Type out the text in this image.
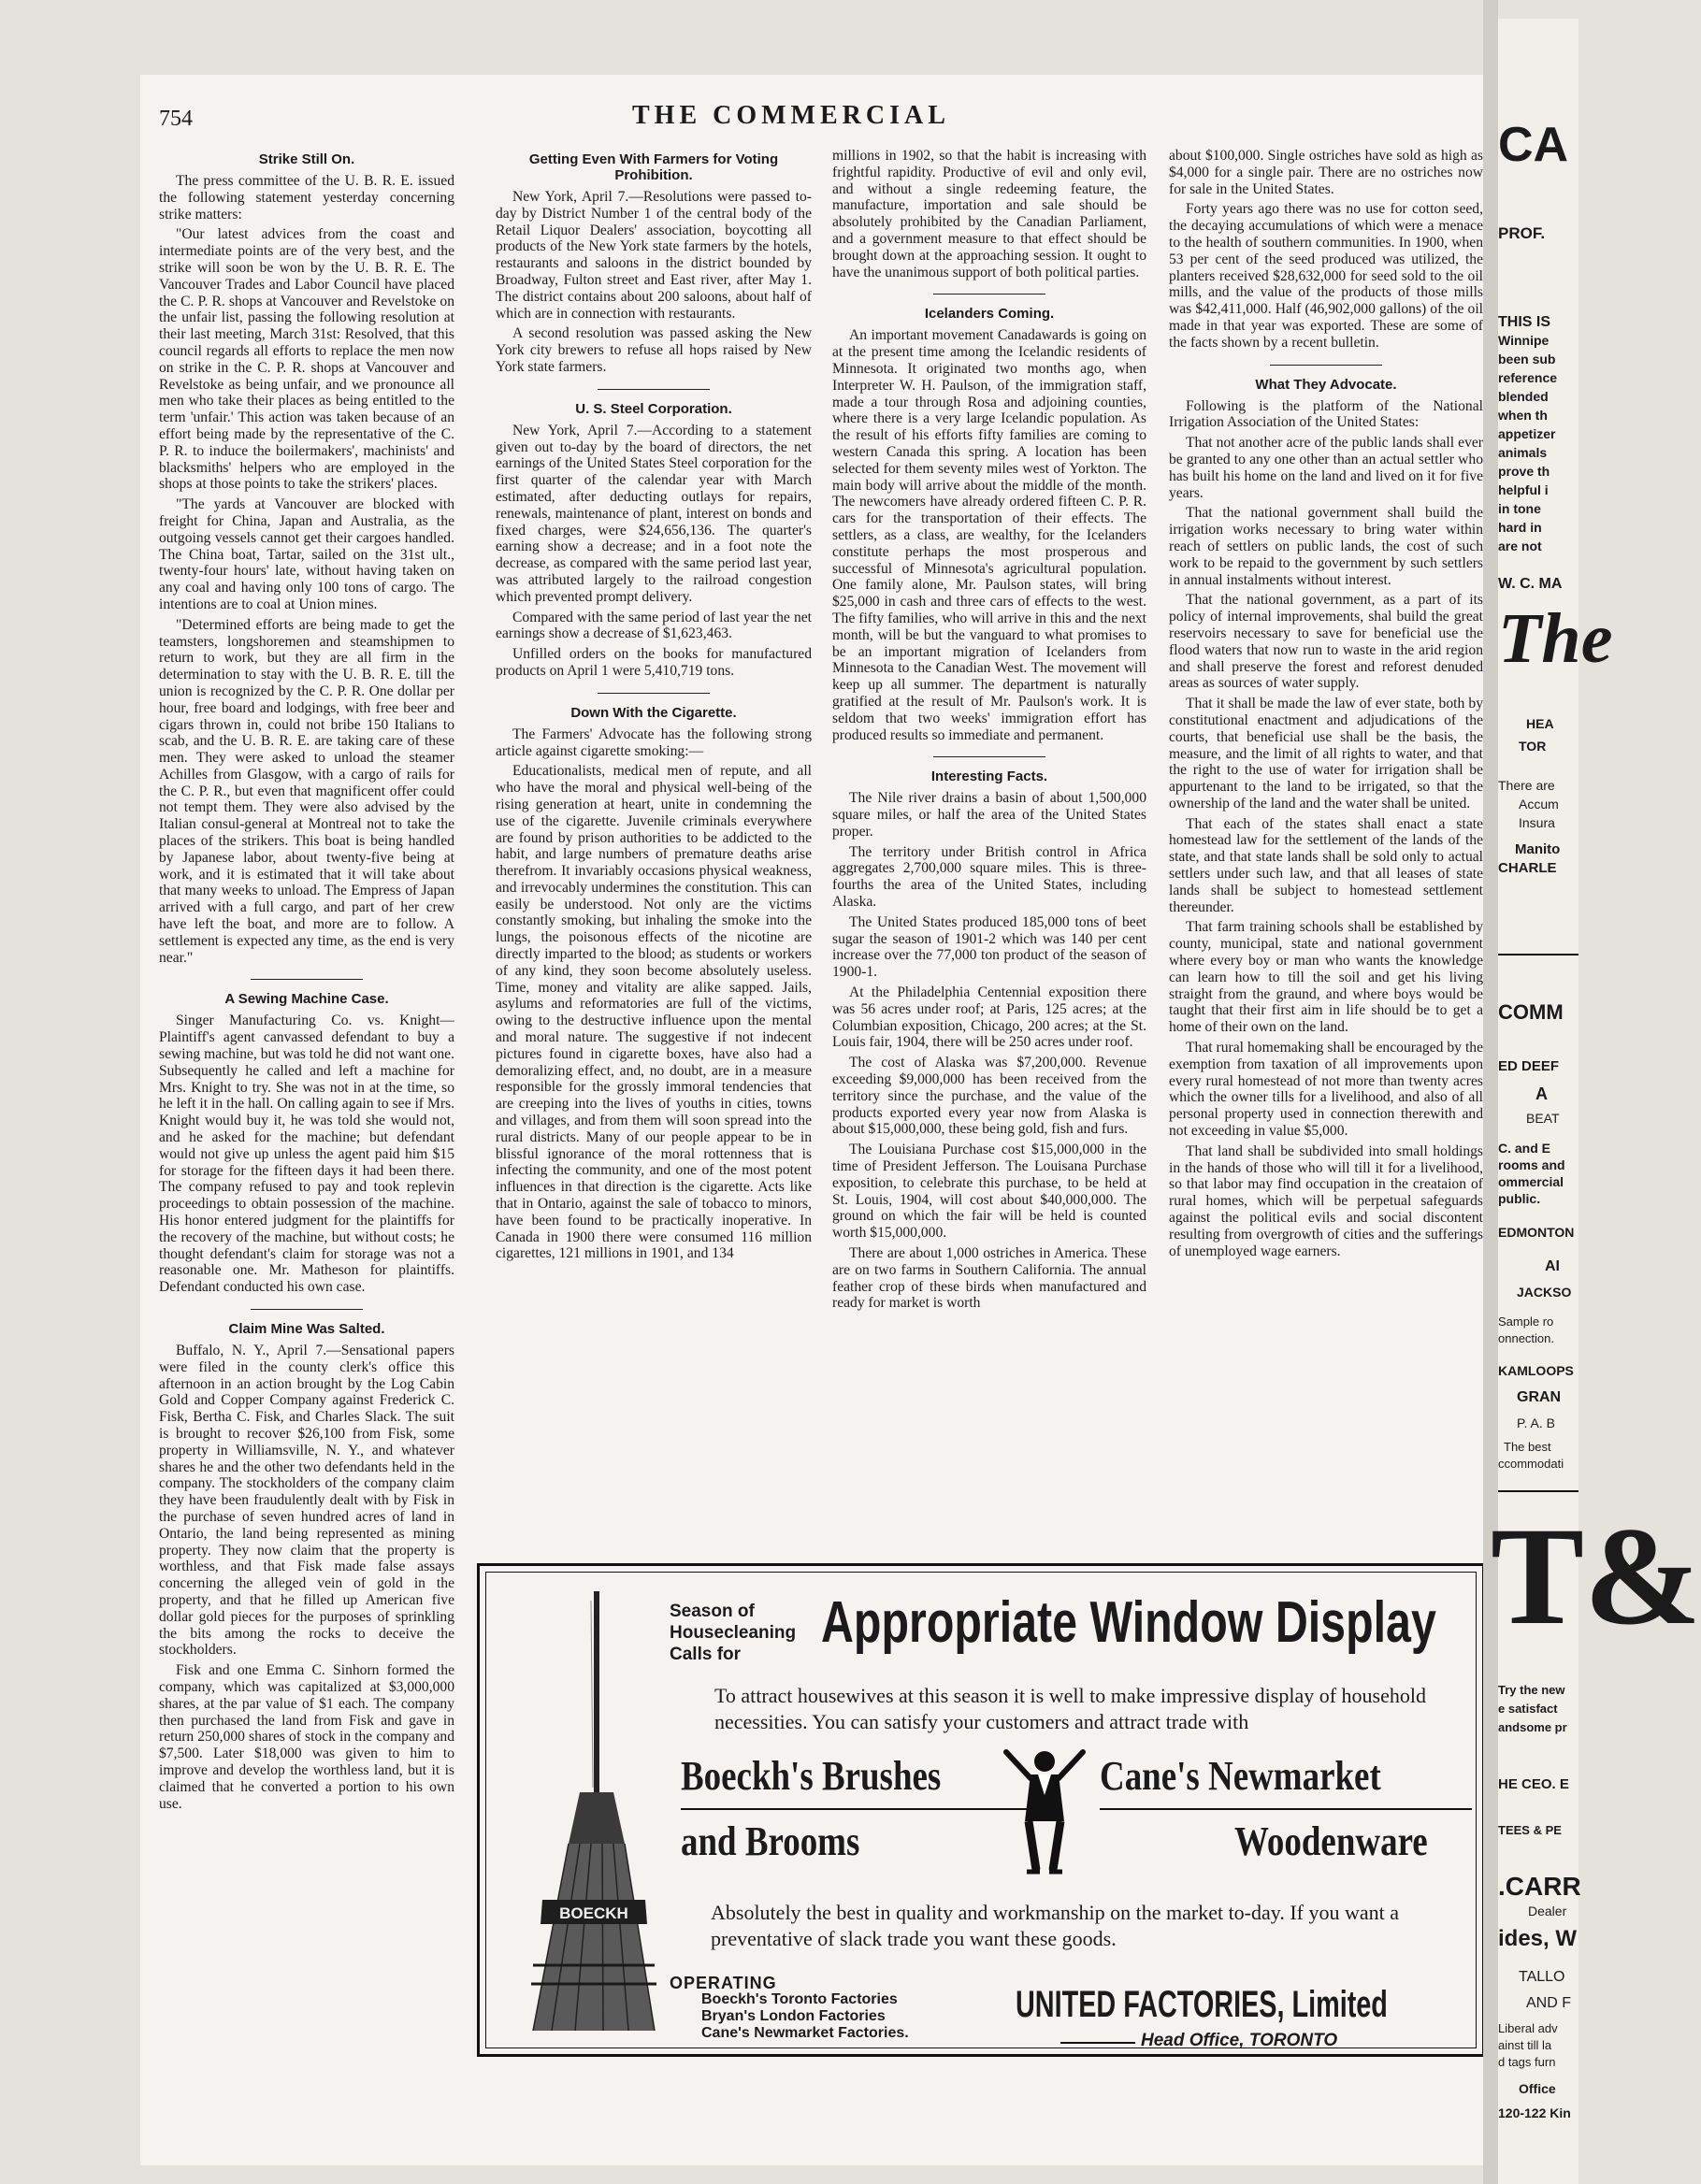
754	THE COMMERCIAL
Strike Still On.

The press committee of the U. B. R. E. issued the following statement yesterday concerning strike matters:

"Our latest advices from the coast and intermediate points are of the very best, and the strike will soon be won by the U. B. R. E. The Vancouver Trades and Labor Council have placed the C. P. R. shops at Vancouver and Revelstoke on the unfair list, passing the following resolution at their last meeting, March 31st: Resolved, that this council regards all efforts to replace the men now on strike in the C. P. R. shops at Vancouver and Revelstoke as being unfair, and we pronounce all men who take their places as being entitled to the term 'unfair.' This action was taken because of an effort being made by the representative of the C. P. R. to induce the boilermakers', machinists' and blacksmiths' helpers who are employed in the shops at those points to take the strikers' places.

"The yards at Vancouver are blocked with freight for China, Japan and Australia, as the outgoing vessels cannot get their cargoes handled. The China boat, Tartar, sailed on the 31st ult., twenty-four hours' late, without having taken on any coal and having only 100 tons of cargo. The intentions are to coal at Union mines.

"Determined efforts are being made to get the teamsters, longshoremen and steamshipmen to return to work, but they are all firm in the determination to stay with the U. B. R. E. till the union is recognized by the C. P. R. One dollar per hour, free board and lodgings, with free beer and cigars thrown in, could not bribe 150 Italians to scab, and the U. B. R. E. are taking care of these men. They were asked to unload the steamer Achilles from Glasgow, with a cargo of rails for the C. P. R., but even that magnificent offer could not tempt them. They were also advised by the Italian consul-general at Montreal not to take the places of the strikers. This boat is being handled by Japanese labor, about twenty-five being at work, and it is estimated that it will take about that many weeks to unload. The Empress of Japan arrived with a full cargo, and part of her crew have left the boat, and more are to follow. A settlement is expected any time, as the end is very near."

A Sewing Machine Case.

Singer Manufacturing Co. vs. Knight—Plaintiff's agent canvassed defendant to buy a sewing machine, but was told he did not want one. Subsequently he called and left a machine for Mrs. Knight to try. She was not in at the time, so he left it in the hall. On calling again to see if Mrs. Knight would buy it, he was told she would not, and he asked for the machine; but defendant would not give up unless the agent paid him $15 for storage for the fifteen days it had been there. The company refused to pay and took replevin proceedings to obtain possession of the machine. His honor entered judgment for the plaintiffs for the recovery of the machine, but without costs; he thought defendant's claim for storage was not a reasonable one. Mr. Matheson for plaintiffs. Defendant conducted his own case.

Claim Mine Was Salted.

Buffalo, N. Y., April 7.—Sensational papers were filed in the county clerk's office this afternoon in an action brought by the Log Cabin Gold and Copper Company against Frederick C. Fisk, Bertha C. Fisk, and Charles Slack. The suit is brought to recover $26,100 from Fisk, some property in Williamsville, N. Y., and whatever shares he and the other two defendants held in the company. The stockholders of the company claim they have been fraudulently dealt with by Fisk in the purchase of seven hundred acres of land in Ontario, the land being represented as mining property. They now claim that the property is worthless, and that Fisk made false assays concerning the alleged vein of gold in the property, and that he filled up American five dollar gold pieces for the purposes of sprinkling the bits among the rocks to deceive the stockholders.

Fisk and one Emma C. Sinhorn formed the company, which was capitalized at $3,000,000 shares, at the par value of $1 each. The company then purchased the land from Fisk and gave in return 250,000 shares of stock in the company and $7,500. Later $18,000 was given to him to improve and develop the worthless land, but it is claimed that he converted a portion to his own use.

Getting Even With Farmers for Voting Prohibition.

New York, April 7.—Resolutions were passed to-day by District Number 1 of the central body of the Retail Liquor Dealers' association, boycotting all products of the New York state farmers by the hotels, restaurants and saloons in the district bounded by Broadway, Fulton street and East river, after May 1. The district contains about 200 saloons, about half of which are in connection with restaurants.

A second resolution was passed asking the New York city brewers to refuse all hops raised by New York state farmers.

U. S. Steel Corporation.

New York, April 7.—According to a statement given out to-day by the board of directors, the net earnings of the United States Steel corporation for the first quarter of the calendar year with March estimated, after deducting outlays for repairs, renewals, maintenance of plant, interest on bonds and fixed charges, were $24,656,136. The quarter's earning show a decrease; and in a foot note the decrease, as compared with the same period last year, was attributed largely to the railroad congestion which prevented prompt delivery.

Compared with the same period of last year the net earnings show a decrease of $1,623,463.

Unfilled orders on the books for manufactured products on April 1 were 5,410,719 tons.

Down With the Cigarette.

The Farmers' Advocate has the following strong article against cigarette smoking:—

Educationalists, medical men of repute, and all who have the moral and physical well-being of the rising generation at heart, unite in condemning the use of the cigarette. Juvenile criminals everywhere are found by prison authorities to be addicted to the habit, and large numbers of premature deaths arise therefrom. It invariably occasions physical weakness, and irrevocably undermines the constitution. This can easily be understood. Not only are the victims constantly smoking, but inhaling the smoke into the lungs, the poisonous effects of the nicotine are directly imparted to the blood; as students or workers of any kind, they soon become absolutely useless. Time, money and vitality are alike sapped. Jails, asylums and reformatories are full of the victims, owing to the destructive influence upon the mental and moral nature. The suggestive if not indecent pictures found in cigarette boxes, have also had a demoralizing effect, and, no doubt, are in a measure responsible for the grossly immoral tendencies that are creeping into the lives of youths in cities, towns and villages, and from them will soon spread into the rural districts. Many of our people appear to be in blissful ignorance of the moral rottenness that is infecting the community, and one of the most potent influences in that direction is the cigarette. Acts like that in Ontario, against the sale of tobacco to minors, have been found to be practically inoperative. In Canada in 1900 there were consumed 116 million cigarettes, 121 millions in 1901, and 134

millions in 1902, so that the habit is increasing with frightful rapidity. Productive of evil and only evil, and without a single redeeming feature, the manufacture, importation and sale should be absolutely prohibited by the Canadian Parliament, and a government measure to that effect should be brought down at the approaching session. It ought to have the unanimous support of both political parties.

Icelanders Coming.

An important movement Canadawards is going on at the present time among the Icelandic residents of Minnesota. It originated two months ago, when Interpreter W. H. Paulson, of the immigration staff, made a tour through Rosa and adjoining counties, where there is a very large Icelandic population. As the result of his efforts fifty families are coming to western Canada this spring. A location has been selected for them seventy miles west of Yorkton. The main body will arrive about the middle of the month. The newcomers have already ordered fifteen C. P. R. cars for the transportation of their effects. The settlers, as a class, are wealthy, for the Icelanders constitute perhaps the most prosperous and successful of Minnesota's agricultural population. One family alone, Mr. Paulson states, will bring $25,000 in cash and three cars of effects to the west. The fifty families, who will arrive in this and the next month, will be but the vanguard to what promises to be an important migration of Icelanders from Minnesota to the Canadian West. The movement will keep up all summer. The department is naturally gratified at the result of Mr. Paulson's work. It is seldom that two weeks' immigration effort has produced results so immediate and permanent.

Interesting Facts.

The Nile river drains a basin of about 1,500,000 square miles, or half the area of the United States proper.

The territory under British control in Africa aggregates 2,700,000 square miles. This is three-fourths the area of the United States, including Alaska.

The United States produced 185,000 tons of beet sugar the season of 1901-2 which was 140 per cent increase over the 77,000 ton product of the season of 1900-1.

At the Philadelphia Centennial exposition there was 56 acres under roof; at Paris, 125 acres; at the Columbian exposition, Chicago, 200 acres; at the St. Louis fair, 1904, there will be 250 acres under roof.

The cost of Alaska was $7,200,000. Revenue exceeding $9,000,000 has been received from the territory since the purchase, and the value of the products exported every year now from Alaska is about $15,000,000, these being gold, fish and furs.

The Louisiana Purchase cost $15,000,000 in the time of President Jefferson. The Louisana Purchase exposition, to celebrate this purchase, to be held at St. Louis, 1904, will cost about $40,000,000. The ground on which the fair will be held is counted worth $15,000,000.

There are about 1,000 ostriches in America. These are on two farms in Southern California. The annual feather crop of these birds when manufactured and ready for market is worth

about $100,000. Single ostriches have sold as high as $4,000 for a single pair. There are no ostriches now for sale in the United States.

Forty years ago there was no use for cotton seed, the decaying accumulations of which were a menace to the health of southern communities. In 1900, when 53 per cent of the seed produced was utilized, the planters received $28,632,000 for seed sold to the oil mills, and the value of the products of those mills was $42,411,000. Half (46,902,000 gallons) of the oil made in that year was exported. These are some of the facts shown by a recent bulletin.

What They Advocate.

Following is the platform of the National Irrigation Association of the United States:

That not another acre of the public lands shall ever be granted to any one other than an actual settler who has built his home on the land and lived on it for five years.

That the national government shall build the irrigation works necessary to bring water within reach of settlers on public lands, the cost of such work to be repaid to the government by such settlers in annual instalments without interest.

That the national government, as a part of its policy of internal improvements, shal build the great reservoirs necessary to save for beneficial use the flood waters that now run to waste in the arid region and shall preserve the forest and reforest denuded areas as sources of water supply.

That it shall be made the law of ever state, both by constitutional enactment and adjudications of the courts, that beneficial use shall be the basis, the measure, and the limit of all rights to water, and that the right to the use of water for irrigation shall be appurtenant to the land to be irrigated, so that the ownership of the land and the water shall be united.

That each of the states shall enact a state homestead law for the settlement of the lands of the state, and that state lands shall be sold only to actual settlers under such law, and that all leases of state lands shall be subject to homestead settlement thereunder.

That farm training schools shall be established by county, municipal, state and national government where every boy or man who wants the knowledge can learn how to till the soil and get his living straight from the graund, and where boys would be taught that their first aim in life should be to get a home of their own on the land.

That rural homemaking shall be encouraged by the exemption from taxation of all improvements upon every rural homestead of not more than twenty acres which the owner tills for a livelihood, and also of all personal property used in connection therewith and not exceeding in value $5,000.

That land shall be subdivided into small holdings in the hands of those who will till it for a livelihood, so that labor may find occupation in the creataion of rural homes, which will be perpetual safeguards against the political evils and social discontent resulting from overgrowth of cities and the sufferings of unemployed wage earners.

BOECKH
Season of Housecleaning Calls for	Appropriate Window Display
To attract housewives at this season it is well to make impressive display of household necessities. You can satisfy your customers and attract trade with
Boeckh's Brushes
and Brooms
Cane's Newmarket
Woodenware
Absolutely the best in quality and workmanship on the market to-day. If you want a preventative of slack trade you want these goods.
OPERATING
Boeckh's Toronto Factories
Bryan's London Factories
Cane's Newmarket Factories.
UNITED FACTORIES, Limited
Head Office, TORONTO
CA
PROF.
THIS IS
Winnipe
been sub
reference
blended
when th
appetizer
animals
prove th
helpful i
in tone
hard in
are not
W. C. MA
The
HEA
TOR
There are
Accum
Insura
Manito
CHARLE
COMM
ED DEEF
A
BEAT
C. and E
rooms and
ommercial
public.
EDMONTON
AI
JACKSO
Sample ro
onnection.
KAMLOOPS
GRAN
P. A. B
The best
ccommodati
T&
Try the new
e satisfact
andsome pr
HE CEO. E
TEES & PE
.CARR
Dealer
ides, W
TALLO
AND F
Liberal adv
ainst till la
d tags furn
Office
120-122 Kin
